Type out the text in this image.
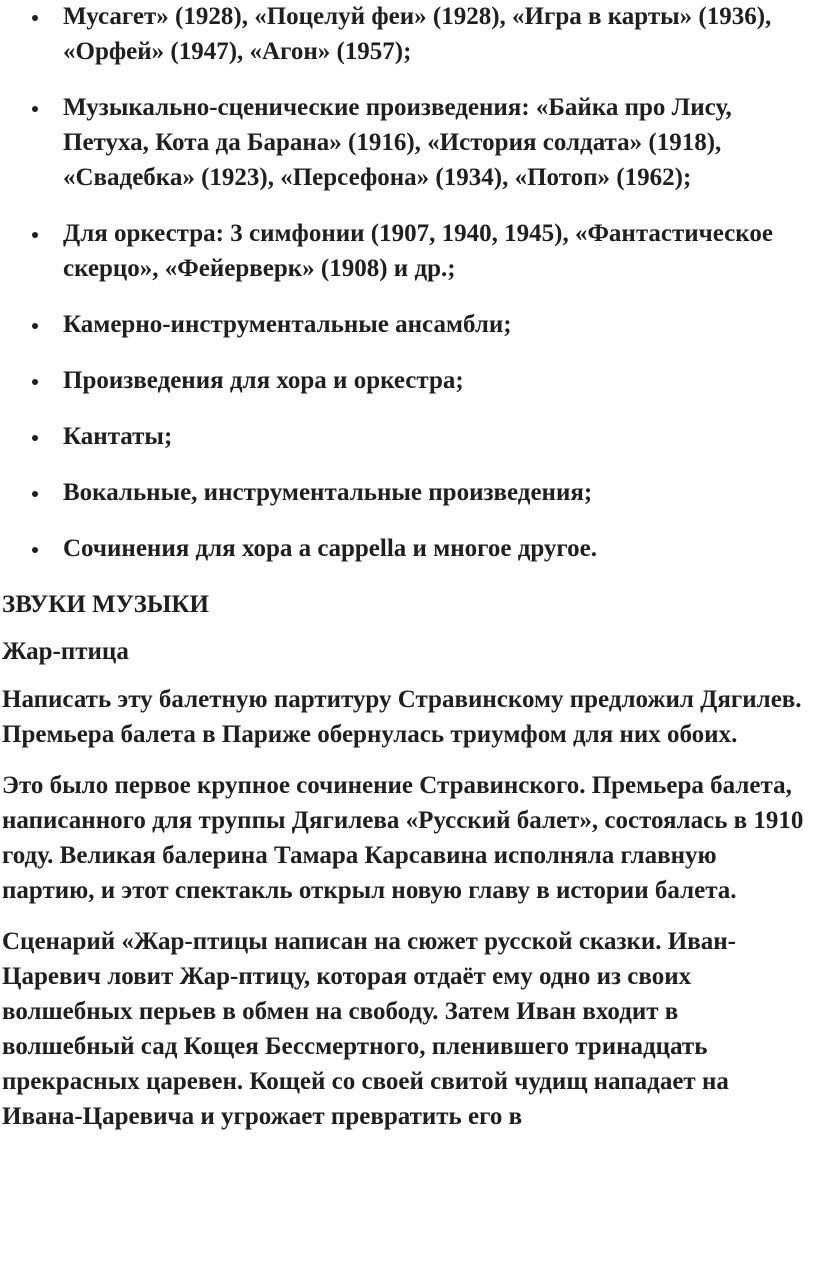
Мусагет» (1928), «Поцелуй феи» (1928), «Игра в карты» (1936), «Орфей» (1947), «Агон» (1957);
Музыкально-сценические произведения: «Байка про Лису, Петуха, Кота да Барана» (1916), «История солдата» (1918), «Свадебка» (1923), «Персефона» (1934), «Потоп» (1962);
Для оркестра: 3 симфонии (1907, 1940, 1945), «Фантастическое скерцо», «Фейерверк» (1908) и др.;
Камерно-инструментальные ансамбли;
Произведения для хора и оркестра;
Кантаты;
Вокальные, инструментальные произведения;
Сочинения для хора a cappella и многое другое.
ЗВУКИ МУЗЫКИ
Жар-птица

Написать эту балетную партитуру Стравинскому предложил Дягилев. Премьера балета в Париже обернулась триумфом для них обоих.

Это было первое крупное сочинение Стравинского. Премьера балета, написанного для труппы Дягилева «Русский балет», состоялась в 1910 году. Великая балерина Тамара Карсавина исполняла главную партию, и этот спектакль открыл новую главу в истории балета.

Сценарий «Жар-птицы написан на сюжет русской сказки. Иван-Царевич ловит Жар-птицу, которая отдаёт ему одно из своих волшебных перьев в обмен на свободу. Затем Иван входит в волшебный сад Кощея Бессмертного, пленившего тринадцать прекрасных царевен. Кощей со своей свитой чудищ нападает на Ивана-Царевича и угрожает превратить его в
